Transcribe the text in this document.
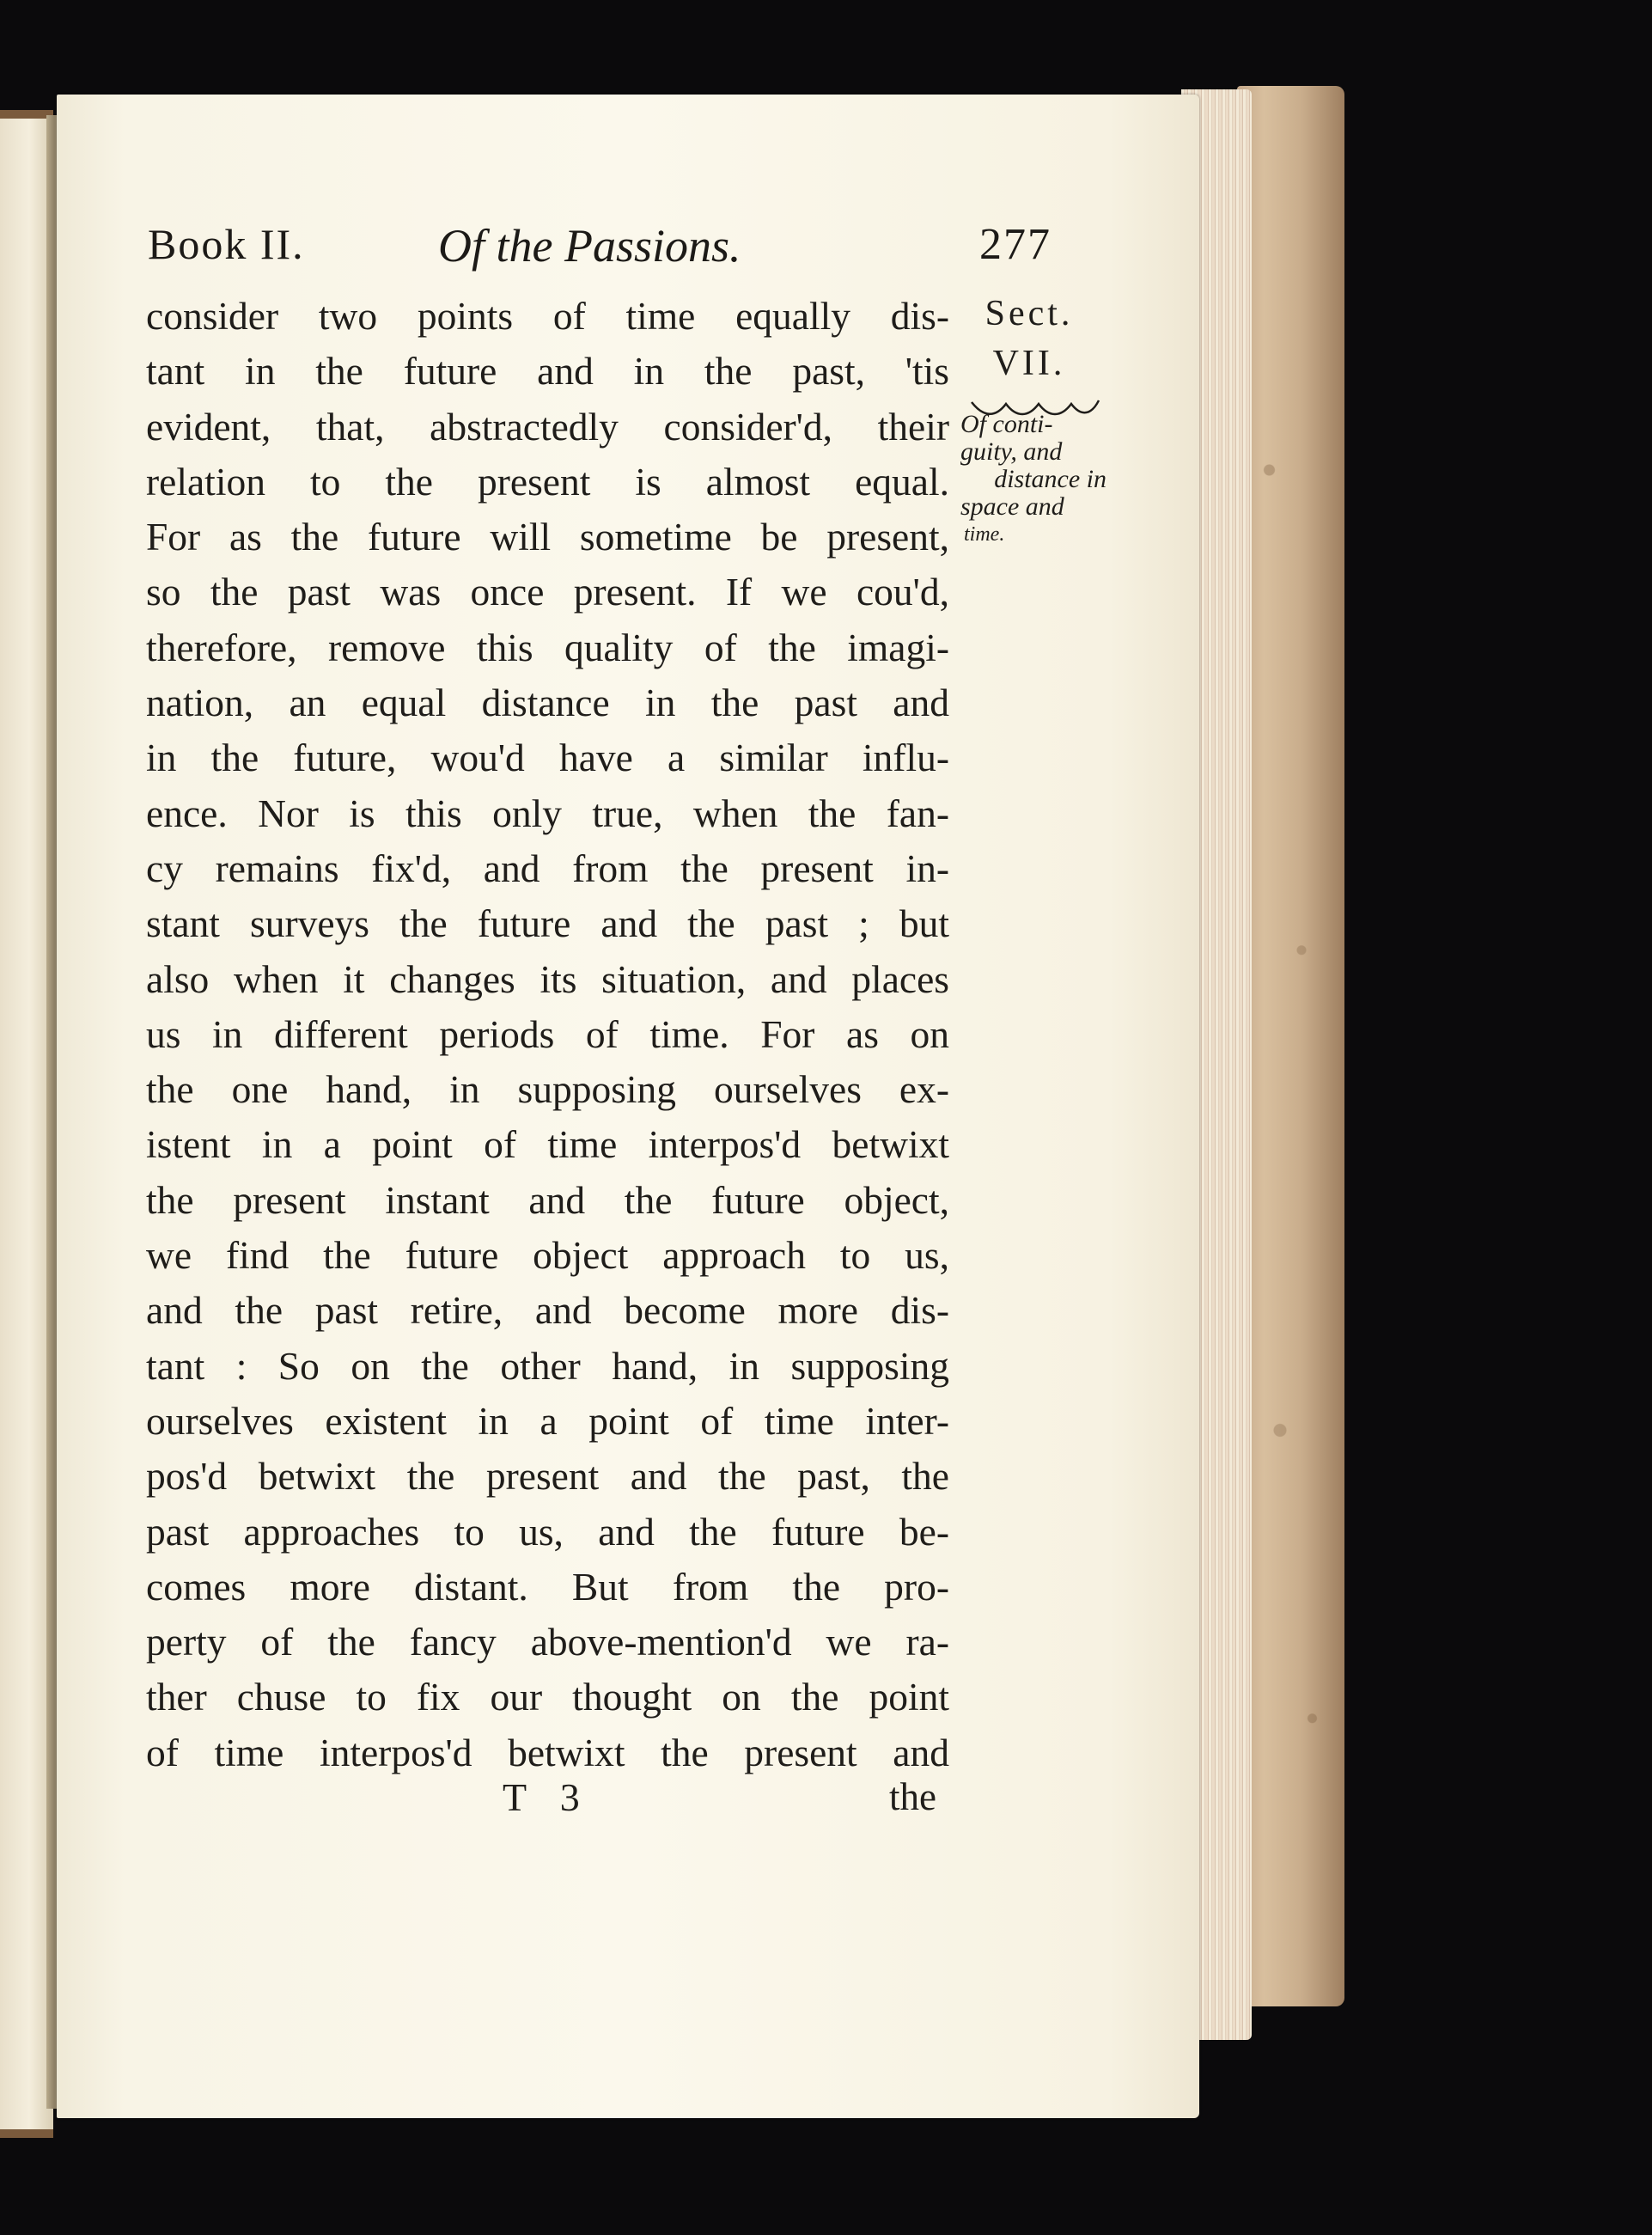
Book II.	Of the Passions.	277
consider two points of time equally dis-
tant in the future and in the past, 'tis
evident, that, abstractedly consider'd, their
relation to the present is almost equal.
For as the future will sometime be present,
so the past was once present. If we cou'd,
therefore, remove this quality of the imagi-
nation, an equal distance in the past and
in the future, wou'd have a similar influ-
ence. Nor is this only true, when the fan-
cy remains fix'd, and from the present in-
stant surveys the future and the past ; but
also when it changes its situation, and places
us in different periods of time. For as on
the one hand, in supposing ourselves ex-
istent in a point of time interpos'd betwixt
the present instant and the future object,
we find the future object approach to us,
and the past retire, and become more dis-
tant : So on the other hand, in supposing
ourselves existent in a point of time inter-
pos'd betwixt the present and the past, the
past approaches to us, and the future be-
comes more distant. But from the pro-
perty of the fancy above-mention'd we ra-
ther chuse to fix our thought on the point
of time interpos'd betwixt the present and
Sect.
VII.
Of conti-
guity, and
distance in
space and
time.
T 3	the
